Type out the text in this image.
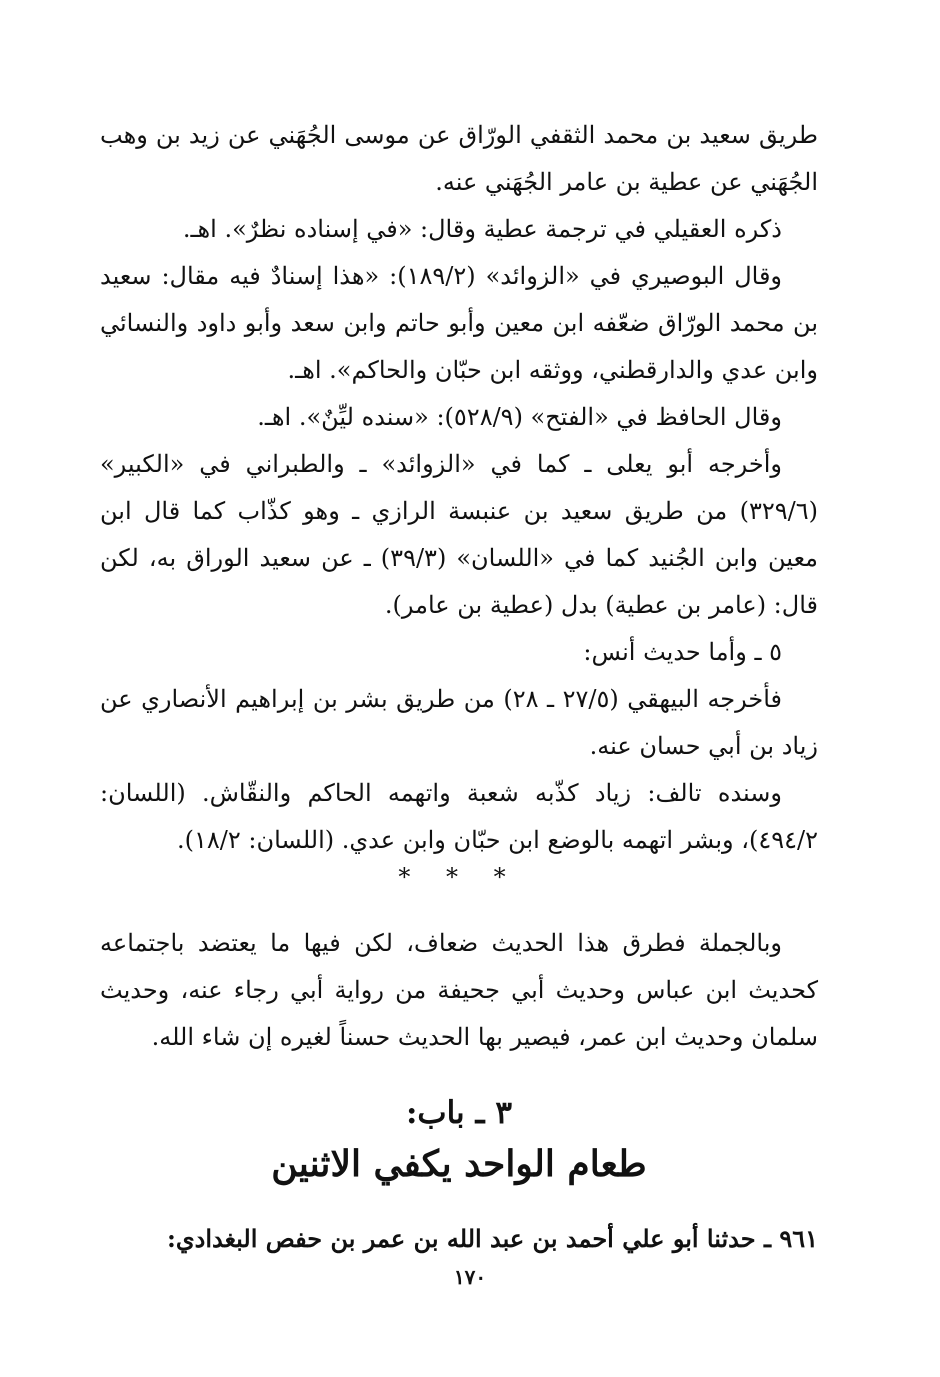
طريق سعيد بن محمد الثقفي الورّاق عن موسى الجُهَني عن زيد بن وهب الجُهَني عن عطية بن عامر الجُهَني عنه.

ذكره العقيلي في ترجمة عطية وقال: «في إسناده نظرٌ». اهـ.

وقال البوصيري في «الزوائد» (١٨٩/٢): «هذا إسنادٌ فيه مقال: سعيد بن محمد الورّاق ضعّفه ابن معين وأبو حاتم وابن سعد وأبو داود والنسائي وابن عدي والدارقطني، ووثقه ابن حبّان والحاكم». اهـ.

وقال الحافظ في «الفتح» (٥٢٨/٩): «سنده ليِّنٌ». اهـ.

وأخرجه أبو يعلى ـ كما في «الزوائد» ـ والطبراني في «الكبير» (٣٢٩/٦) من طريق سعيد بن عنبسة الرازي ـ وهو كذّاب كما قال ابن معين وابن الجُنيد كما في «اللسان» (٣٩/٣) ـ عن سعيد الوراق به، لكن قال: (عامر بن عطية) بدل (عطية بن عامر).

٥ ـ وأما حديث أنس:

فأخرجه البيهقي (٢٧/٥ ـ ٢٨) من طريق بشر بن إبراهيم الأنصاري عن زياد بن أبي حسان عنه.

وسنده تالف: زياد كذّبه شعبة واتهمه الحاكم والنقّاش. (اللسان: ٤٩٤/٢)، وبشر اتهمه بالوضع ابن حبّان وابن عدي. (اللسان: ١٨/٢).

* * *

وبالجملة فطرق هذا الحديث ضعاف، لكن فيها ما يعتضد باجتماعه كحديث ابن عباس وحديث أبي جحيفة من رواية أبي رجاء عنه، وحديث سلمان وحديث ابن عمر، فيصير بها الحديث حسناً لغيره إن شاء الله.

٣ ـ باب:

طعام الواحد يكفي الاثنين

٩٦١ ـ حدثنا أبو علي أحمد بن عبد الله بن عمر بن حفص البغدادي:

١٧٠
